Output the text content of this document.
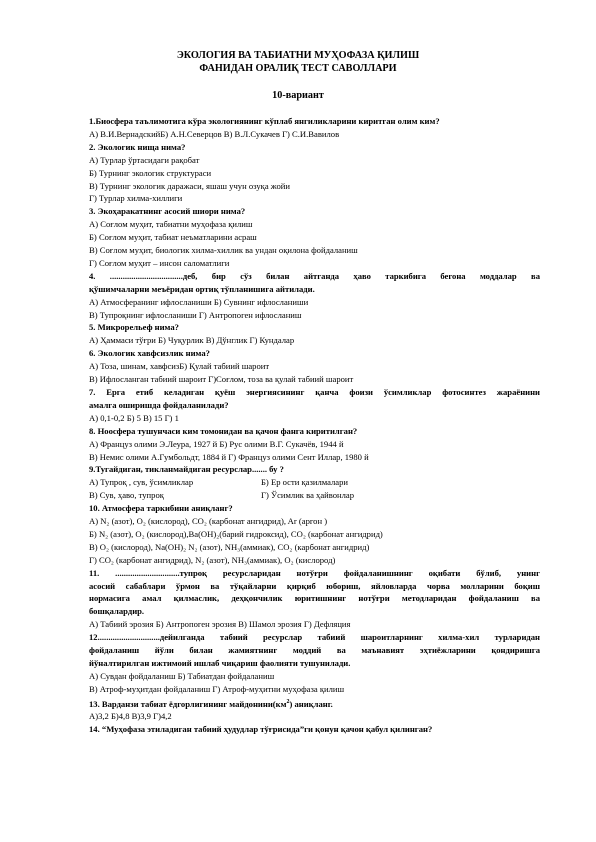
ЭКОЛОГИЯ ВА ТАБИАТНИ МУҲОФАЗА ҚИЛИШ
ФАНИДАН ОРАЛИҚ ТЕСТ САВОЛЛАРИ
10-вариант
1.Биосфера таълимотига кўра экологиянинг кўплаб янгиликларини киритган олим ким?
А) В.И.ВернадскийБ) А.Н.Северцов В) В.Л.Сукачев Г) С.И.Вавилов
2. Экологик нища нима?
А) Турлар ўртасидаги рақобат
Б) Турнинг экологик структураси
В) Турнинг экологик даражаси, яшаш учун озуқа жойи
Г) Турлар хилма-хиллиги
3. Экоҳаракатнинг асосий шиори нима?
А) Соғлом муҳит, табиатни муҳофаза қилиш
Б) Соғлом муҳит, табиат неъматларини асраш
В) Соғлом муҳит, биологик хилма-хиллик ва ундан оқилона фойдаланиш
Г) Соғлом муҳит – инсон саломатлиги
4. ..................................деб, бир сўз билан айтганда ҳаво таркибига бегона моддалар ва
қўшимчаларни меъёридан ортиқ тўпланишига айтилади.
А) Атмосферанинг ифлосланиши Б) Сувнинг ифлосланиши
В) Тупроқнинг ифлосланиши Г) Антропоген ифлосланиш
5. Микрорельеф нима?
А) Ҳаммаси тўғри Б) Чуқурлик В) Дўнглик Г) Кундалар
6. Экологик хавфсизлик нима?
А) Тоза, шинам, хавфсизБ) Қулай табиий шароит
В) Ифлосланган табиий шароит Г)Соғлом, тоза ва қулай табиий шароит
7. Ерга етиб келадиган қуёш энергиясининг қанча фоизи ўсимликлар фотосинтез жараёнини
амалга оширишда фойдаланилади?
А) 0,1-0,2 Б) 5 В) 15 Г) 1
8. Ноосфера тушунчаси ким томонидан ва қачон фанга киритилган?
А) Француз олими Э.Леура, 1927 й Б) Рус олими В.Г. Сукачёв, 1944 й
В) Немис олими А.Гумбольдт, 1884 й Г) Француз олими Сент Иллар, 1980 й
9.Тугайдиган, тикланмайдиган ресурслар....... бу ?
А) Тупроқ , сув, ўсимликлар	Б) Ер ости қазилмалари
В) Сув, ҳаво, тупроқ	Г) Ўсимлик ва ҳайвонлар
10. Атмосфера таркибини аниқланг?
А) N₂ (азот), O₂ (кислород), CO₂ (карбонат ангидрид), Ar (аргон )
Б) N₂ (азот), O₂ (кислород),Ba(OH)₂(барий гидроксид), CO₂ (карбонат ангидрид)
В) O₂ (кислород), Na(OH)₂ N₂ (азот), NH₃(аммиак), CO₂ (карбонат ангидрид)
Г) CO₂ (карбонат ангидрид), N₂ (азот), NH₃(аммиак), O₂ (кислород)
11. ..............................тупроқ ресурсларидан нотўғри фойдаланишнинг оқибати бўлиб, унинг
асосий сабаблари ўрмон ва тўқайларни қирқиб юбориш, яйловларда чорва молларини боқиш
нормасига амал қилмаслик, деҳқончилик юритишнинг нотўғри методларидан фойдаланиш ва
бошқалардир.
А) Табиий эрозия Б) Антропоген эрозия В) Шамол эрозия Г) Дефляция
12.............................дейилганда табиий ресурслар табиий шароитларнинг хилма-хил турларидан
фойдаланиш йўли билан жамиятнинг моддий ва маънавият эҳтиёжларини қондиришга
йўналтирилган ижтимоий ишлаб чиқариш фаолияти тушунилади.
А) Сувдан фойдаланиш Б) Табиатдан фойдаланиш
В) Атроф-муҳитдан фойдаланиш Г) Атроф-муҳитни муҳофаза қилиш
13. Варданзи табиат ёдгорлигининг $майдонини(км^2)$ аниқланг.
А)3,2 Б)4,8 В)3,9 Г)4,2
14. “Муҳофаза этиладиган табиий ҳудудлар тўғрисида”ги қонун қачон қабул қилинган?
